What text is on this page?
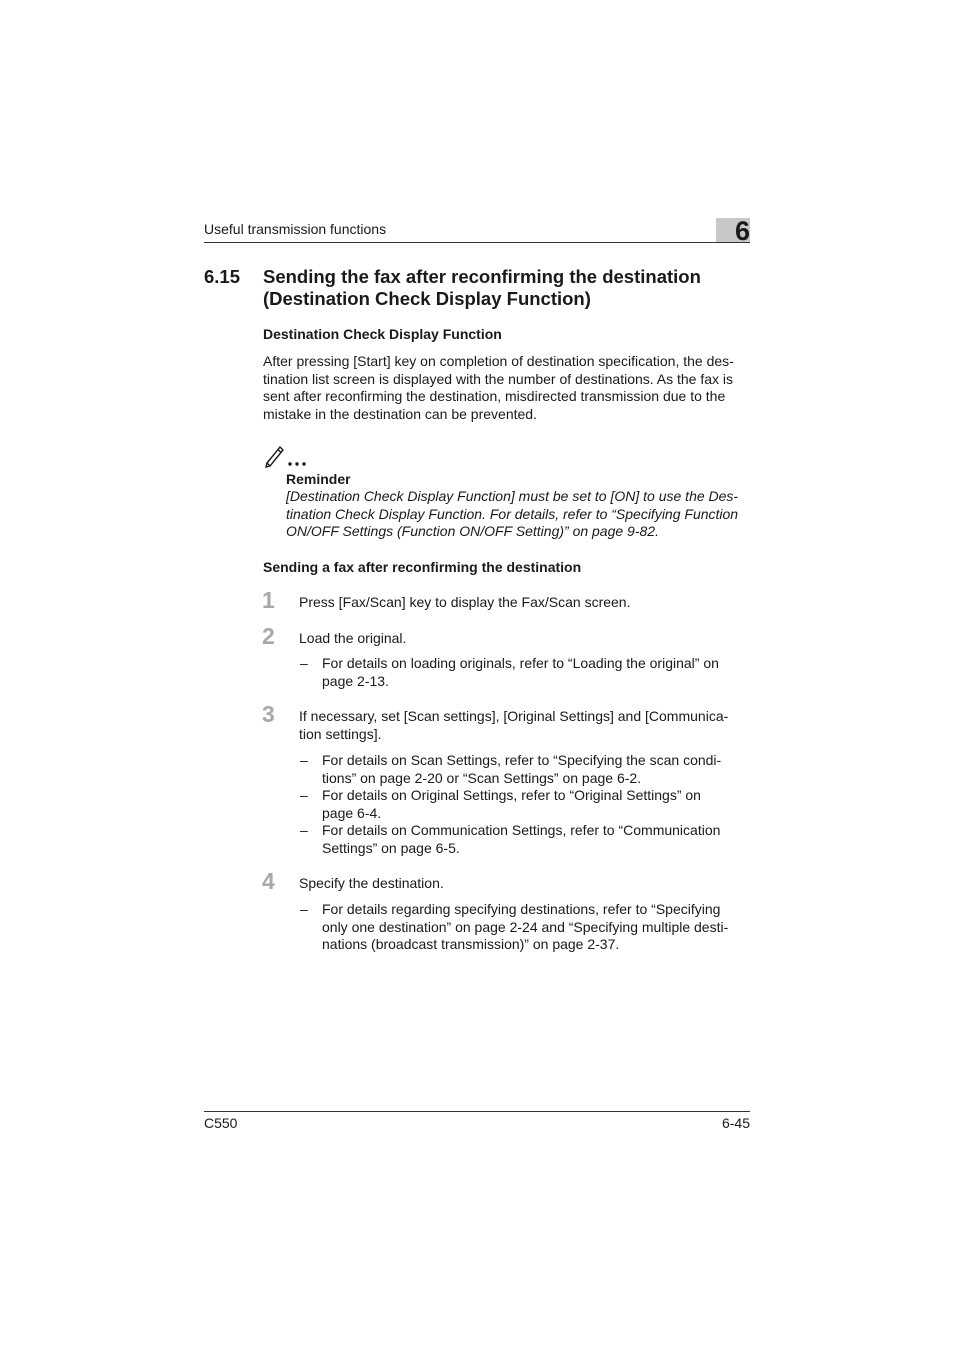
Useful transmission functions	6
6.15 Sending the fax after reconfirming the destination
(Destination Check Display Function)
Destination Check Display Function
After pressing [Start] key on completion of destination specification, the des-
tination list screen is displayed with the number of destinations. As the fax is
sent after reconfirming the destination, misdirected transmission due to the
mistake in the destination can be prevented.
Reminder
[Destination Check Display Function] must be set to [ON] to use the Des-
tination Check Display Function. For details, refer to “Specifying Function
ON/OFF Settings (Function ON/OFF Setting)” on page 9-82.
Sending a fax after reconfirming the destination
1 Press [Fax/Scan] key to display the Fax/Scan screen.
2 Load the original.
– For details on loading originals, refer to “Loading the original” on
page 2-13.
3 If necessary, set [Scan settings], [Original Settings] and [Communica-
tion settings].
– For details on Scan Settings, refer to “Specifying the scan condi-
tions” on page 2-20 or “Scan Settings” on page 6-2.
– For details on Original Settings, refer to “Original Settings” on
page 6-4.
– For details on Communication Settings, refer to “Communication
Settings” on page 6-5.
4 Specify the destination.
– For details regarding specifying destinations, refer to “Specifying
only one destination” on page 2-24 and “Specifying multiple desti-
nations (broadcast transmission)” on page 2-37.
C550	6-45
